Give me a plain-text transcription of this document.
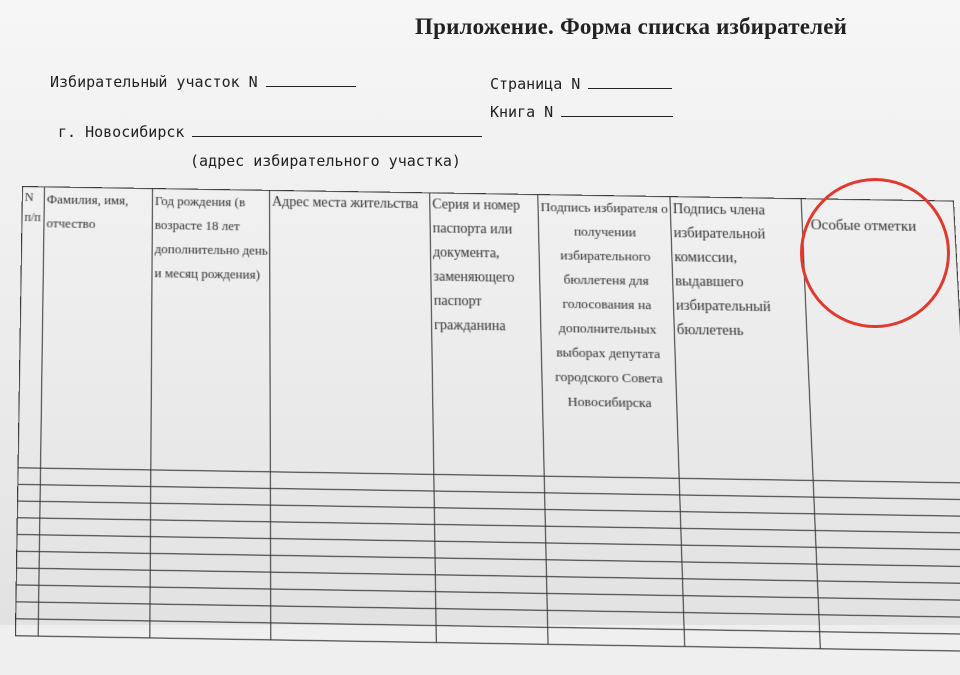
Приложение. Форма списка избирателей
Избирательный участок N	Страница N
Книга N
г. Новосибирск
(адрес избирательного участка)
N п/п	Фамилия, имя, отчество	Год рождения (в возрасте 18 лет дополнительно день и месяц рождения)	Адрес места жительства	Серия и номер паспорта или документа, заменяющего паспорт гражданина	Подпись избирателя о получении избирательного бюллетеня для голосования на дополнительных выборах депутата городского Совета Новосибирска	Подпись члена избирательной комиссии, выдавшего избирательный бюллетень	Особые отметки
